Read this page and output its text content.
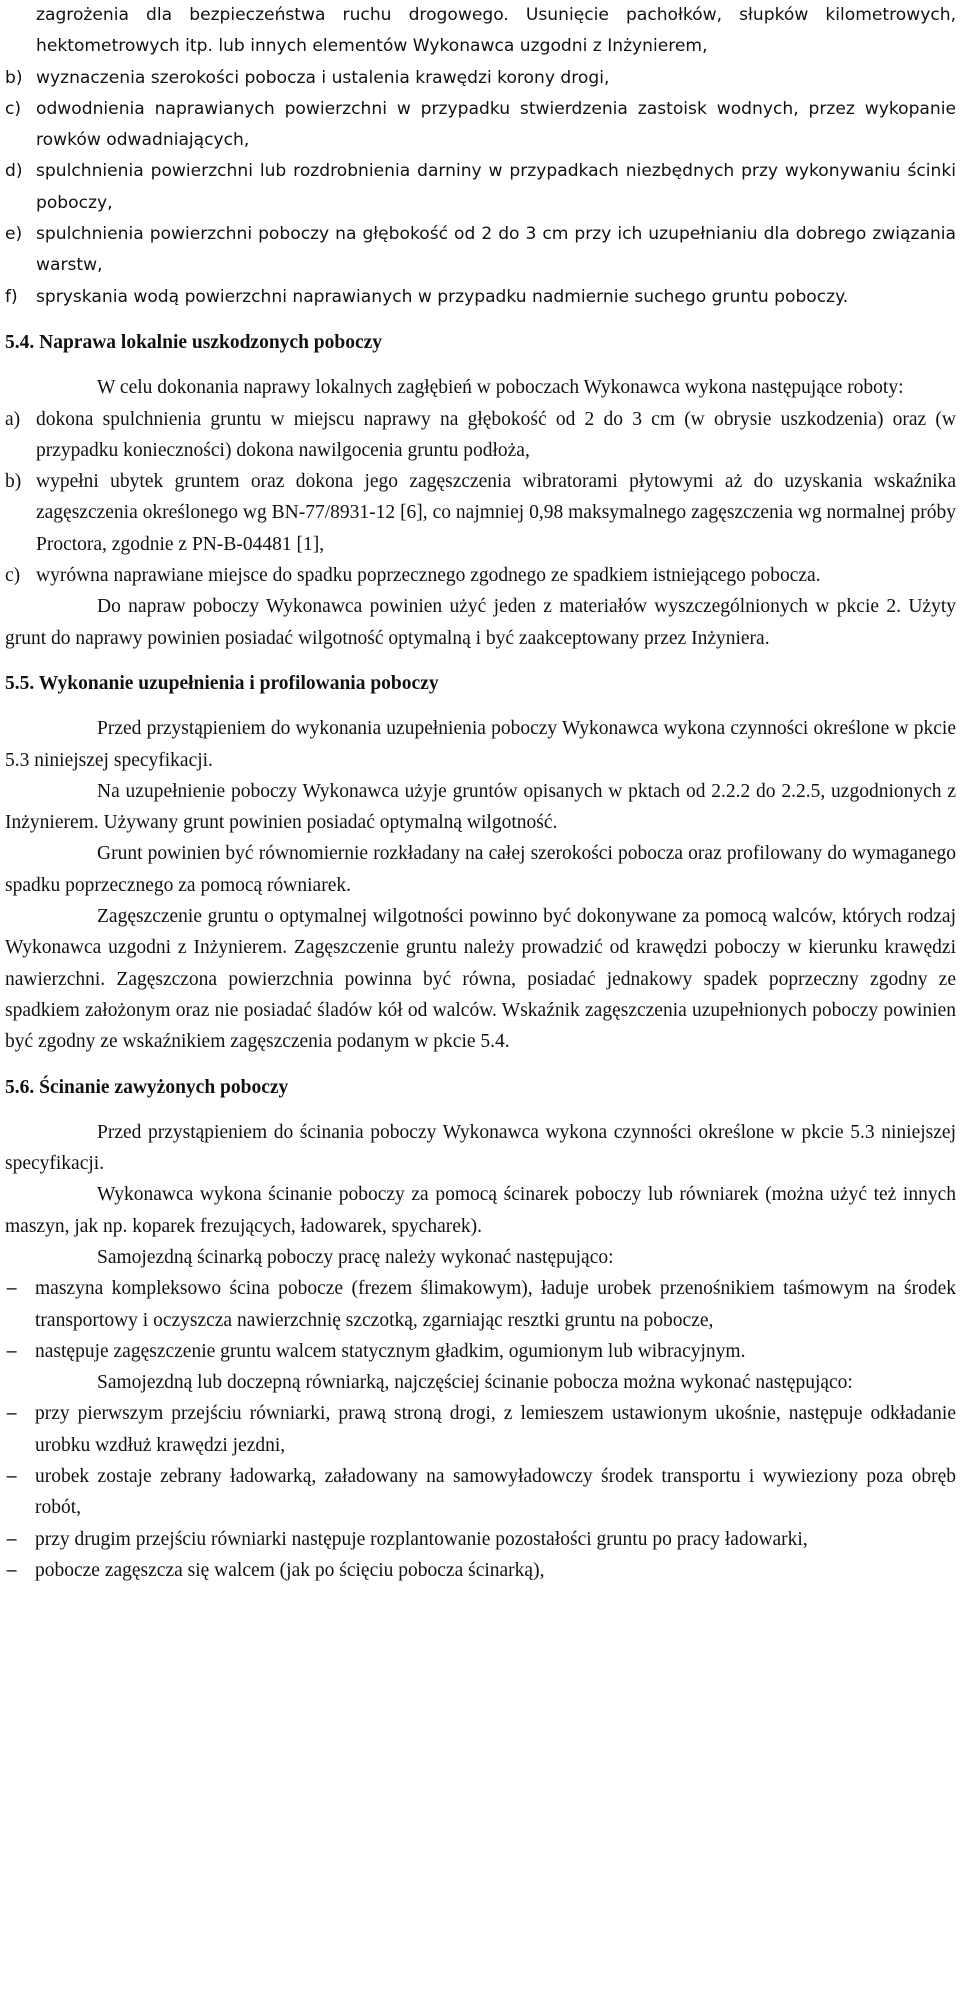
zagrożenia dla bezpieczeństwa ruchu drogowego. Usunięcie pachołków, słupków kilometrowych, hektometrowych itp. lub innych elementów Wykonawca uzgodni z Inżynierem,
b) wyznaczenia szerokości pobocza i ustalenia krawędzi korony drogi,
c) odwodnienia naprawianych powierzchni w przypadku stwierdzenia zastoisk wodnych, przez wykopanie rowków odwadniających,
d) spulchnienia powierzchni lub rozdrobnienia darniny w przypadkach niezbędnych przy wykonywaniu ścinki poboczy,
e) spulchnienia powierzchni poboczy na głębokość od 2 do 3 cm przy ich uzupełnianiu dla dobrego związania warstw,
f)	spryskania wodą powierzchni naprawianych w przypadku nadmiernie suchego gruntu poboczy.

5.4. Naprawa lokalnie uszkodzonych poboczy

W celu dokonania naprawy lokalnych zagłębień w poboczach Wykonawca wykona następujące roboty:

a) dokona spulchnienia gruntu w miejscu naprawy na głębokość od 2 do 3 cm (w obrysie uszkodzenia) oraz (w przypadku konieczności) dokona nawilgocenia gruntu podłoża,
b) wypełni ubytek gruntem oraz dokona jego zagęszczenia wibratorami płytowymi aż do uzyskania wskaźnika zagęszczenia określonego wg BN-77/8931-12 [6], co najmniej 0,98 maksymalnego zagęszczenia wg normalnej próby Proctora, zgodnie z PN-B-04481 [1],
c) wyrówna naprawiane miejsce do spadku poprzecznego zgodnego ze spadkiem istniejącego pobocza.

Do napraw poboczy Wykonawca powinien użyć jeden z materiałów wyszczególnionych w pkcie 2. Użyty grunt do naprawy powinien posiadać wilgotność optymalną i być zaakceptowany przez Inżyniera.

5.5. Wykonanie uzupełnienia i profilowania poboczy

Przed przystąpieniem do wykonania uzupełnienia poboczy Wykonawca wykona czynności określone w pkcie 5.3 niniejszej specyfikacji.

Na uzupełnienie poboczy Wykonawca użyje gruntów opisanych w pktach od 2.2.2 do 2.2.5, uzgodnionych z Inżynierem. Używany grunt powinien posiadać optymalną wilgotność.

Grunt powinien być równomiernie rozkładany na całej szerokości pobocza oraz profilowany do wymaganego spadku poprzecznego za pomocą równiarek.

Zagęszczenie gruntu o optymalnej wilgotności powinno być dokonywane za pomocą walców, których rodzaj Wykonawca uzgodni z Inżynierem. Zagęszczenie gruntu należy prowadzić od krawędzi poboczy w kierunku krawędzi nawierzchni. Zagęszczona powierzchnia powinna być równa, posiadać jednakowy spadek poprzeczny zgodny ze spadkiem założonym oraz nie posiadać śladów kół od walców. Wskaźnik zagęszczenia uzupełnionych poboczy powinien być zgodny ze wskaźnikiem zagęszczenia podanym w pkcie 5.4.

5.6. Ścinanie zawyżonych poboczy

Przed przystąpieniem do ścinania poboczy Wykonawca wykona czynności określone w pkcie 5.3 niniejszej specyfikacji.

Wykonawca wykona ścinanie poboczy za pomocą ścinarek poboczy lub równiarek (można użyć też innych maszyn, jak np. koparek frezujących, ładowarek, spycharek).

Samojezdną ścinarką poboczy pracę należy wykonać następująco:

− maszyna kompleksowo ścina pobocze (frezem ślimakowym), ładuje urobek przenośnikiem taśmowym na środek transportowy i oczyszcza nawierzchnię szczotką, zgarniając resztki gruntu na pobocze,
− następuje zagęszczenie gruntu walcem statycznym gładkim, ogumionym lub wibracyjnym.

Samojezdną lub doczepną równiarką, najczęściej ścinanie pobocza można wykonać następująco:

− przy pierwszym przejściu równiarki, prawą stroną drogi, z lemieszem ustawionym ukośnie, następuje odkładanie urobku wzdłuż krawędzi jezdni,
− urobek zostaje zebrany ładowarką, załadowany na samowyładowczy środek transportu i wywieziony poza obręb robót,
− przy drugim przejściu równiarki następuje rozplantowanie pozostałości gruntu po pracy ładowarki,
− pobocze zagęszcza się walcem (jak po ścięciu pobocza ścinarką),
